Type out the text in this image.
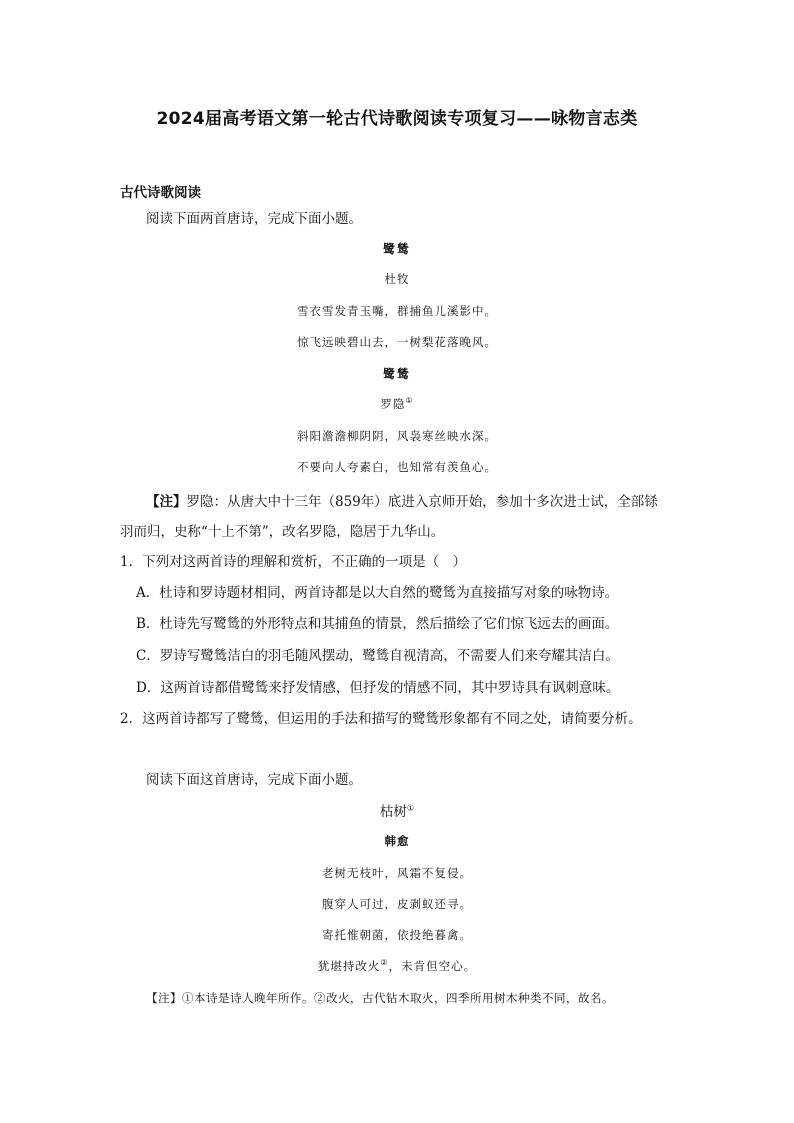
2024届高考语文第一轮古代诗歌阅读专项复习——咏物言志类
古代诗歌阅读
阅读下面两首唐诗，完成下面小题。
鹭鸶
杜牧
雪衣雪发青玉嘴，群捕鱼儿溪影中。
惊飞远映碧山去，一树梨花落晚风。
鹭鸶
罗隐①
斜阳澹澹柳阴阴，风袅寒丝映水深。
不要向人夸素白，也知常有羡鱼心。
【注】罗隐：从唐大中十三年（859年）底进入京师开始，参加十多次进士试，全部铩
羽而归，史称“十上不第”，改名罗隐，隐居于九华山。
1．下列对这两首诗的理解和赏析，不正确的一项是（　）
A．杜诗和罗诗题材相同，两首诗都是以大自然的鹭鸶为直接描写对象的咏物诗。
B．杜诗先写鹭鸶的外形特点和其捕鱼的情景，然后描绘了它们惊飞远去的画面。
C．罗诗写鹭鸶洁白的羽毛随风摆动，鹭鸶自视清高，不需要人们来夸耀其洁白。
D．这两首诗都借鹭鸶来抒发情感，但抒发的情感不同，其中罗诗具有讽刺意味。
2．这两首诗都写了鹭鸶，但运用的手法和描写的鹭鸶形象都有不同之处，请简要分析。
阅读下面这首唐诗，完成下面小题。
枯树①
韩愈
老树无枝叶，风霜不复侵。
腹穿人可过，皮剥蚁还寻。
寄托惟朝菌，依投绝暮禽。
犹堪持改火②，未肯但空心。
【注】①本诗是诗人晚年所作。②改火，古代钻木取火，四季所用树木种类不同，故名。
